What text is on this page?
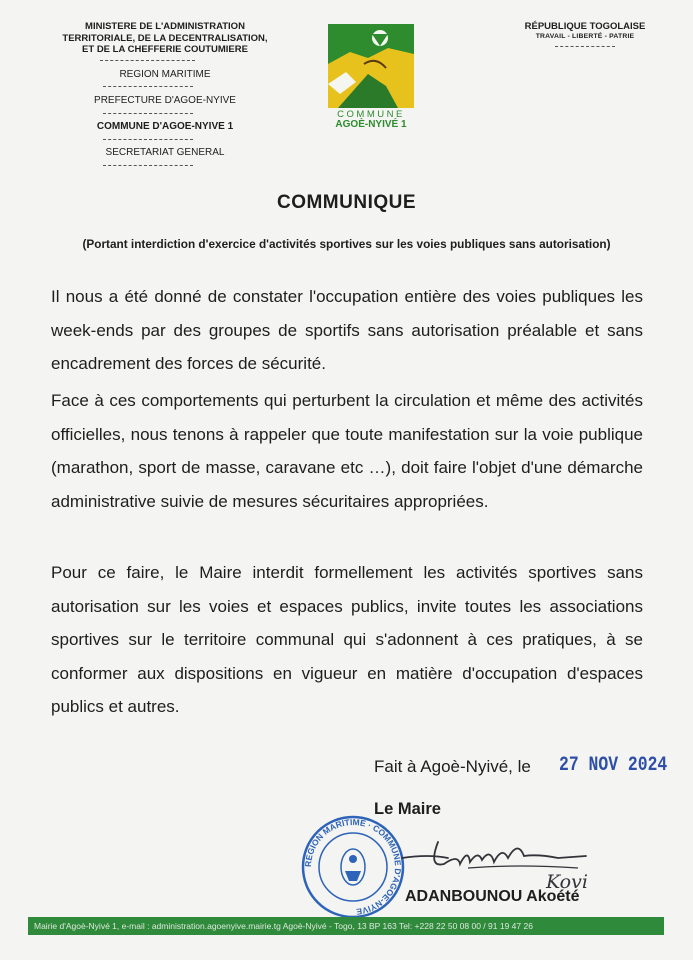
MINISTERE DE L'ADMINISTRATION
TERRITORIALE, DE LA DECENTRALISATION,
ET DE LA CHEFFERIE COUTUMIERE
REGION MARITIME
PREFECTURE D'AGOE-NYIVE
COMMUNE D'AGOE-NYIVE 1
SECRETARIAT GENERAL
COMMUNE
AGOÈ-NYIVÉ 1
RÉPUBLIQUE TOGOLAISE
TRAVAIL - LIBERTÉ - PATRIE
COMMUNIQUE
(Portant interdiction d'exercice d'activités sportives sur les voies publiques sans autorisation)
Il nous a été donné de constater l'occupation entière des voies publiques les week-ends par des groupes de sportifs sans autorisation préalable et sans encadrement des forces de sécurité.
Face à ces comportements qui perturbent la circulation et même des activités officielles, nous tenons à rappeler que toute manifestation sur la voie publique (marathon, sport de masse, caravane etc …), doit faire l'objet d'une démarche administrative suivie de mesures sécuritaires appropriées.
Pour ce faire, le Maire interdit formellement les activités sportives sans autorisation sur les voies et espaces publics, invite toutes les associations sportives sur le territoire communal qui s'adonnent à ces pratiques, à se conformer aux dispositions en vigueur en matière d'occupation d'espaces publics et autres.
Fait à Agoè-Nyivé, le 27 NOV 2024
Le Maire
REGION MARITIME · COMMUNE D'AGOE-NYIVE
Kovi
ADANBOUNOU Akoété
Mairie d'Agoè-Nyivé 1, e-mail : administration.agoenyive.mairie.tg Agoè-Nyivé - Togo, 13 BP 163 Tel: +228 22 50 08 00 / 91 19 47 26
